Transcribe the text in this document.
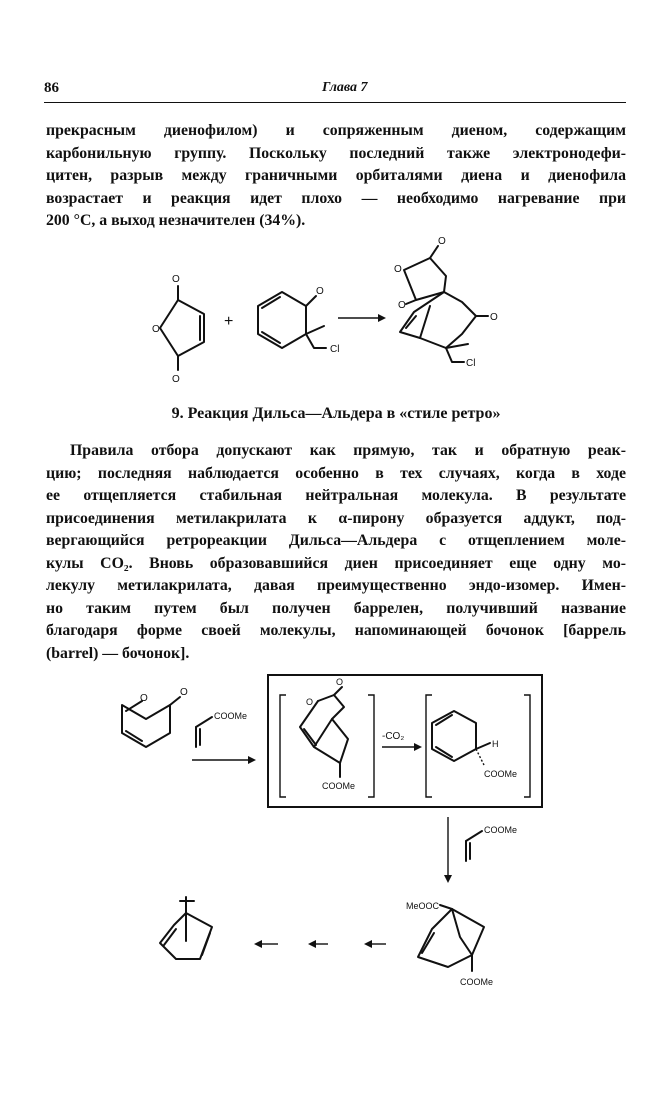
86	Глава 7
прекрасным диенофилом) и сопряженным диеном, содержащим
карбонильную группу. Поскольку последний также электронодефи-
цитен, разрыв между граничными орбиталями диена и диенофила
возрастает и реакция идет плохо — необходимо нагревание при
200 °C, а выход незначителен (34%).
O
O
O
+
O
Cl
O
O
O
O
Cl
9. Реакция Дильса—Альдера в «стиле ретро»
Правила отбора допускают как прямую, так и обратную реак-
цию; последняя наблюдается особенно в тех случаях, когда в ходе
ее отщепляется стабильная нейтральная молекула. В результате
присоединения метилакрилата к α-пирону образуется аддукт, под-
вергающийся ретрореакции Дильса—Альдера с отщеплением моле-
кулы CO₂. Вновь образовавшийся диен присоединяет еще одну мо-
лекулу метилакрилата, давая преимущественно эндо-изомер. Имен-
но таким путем был получен баррелен, получивший название
благодаря форме своей молекулы, напоминающей бочонок [баррель
(barrel) — бочонок].
O
O
COOMe
O
O
COOMe
-CO₂
H
COOMe
COOMe
MeOOC
COOMe
